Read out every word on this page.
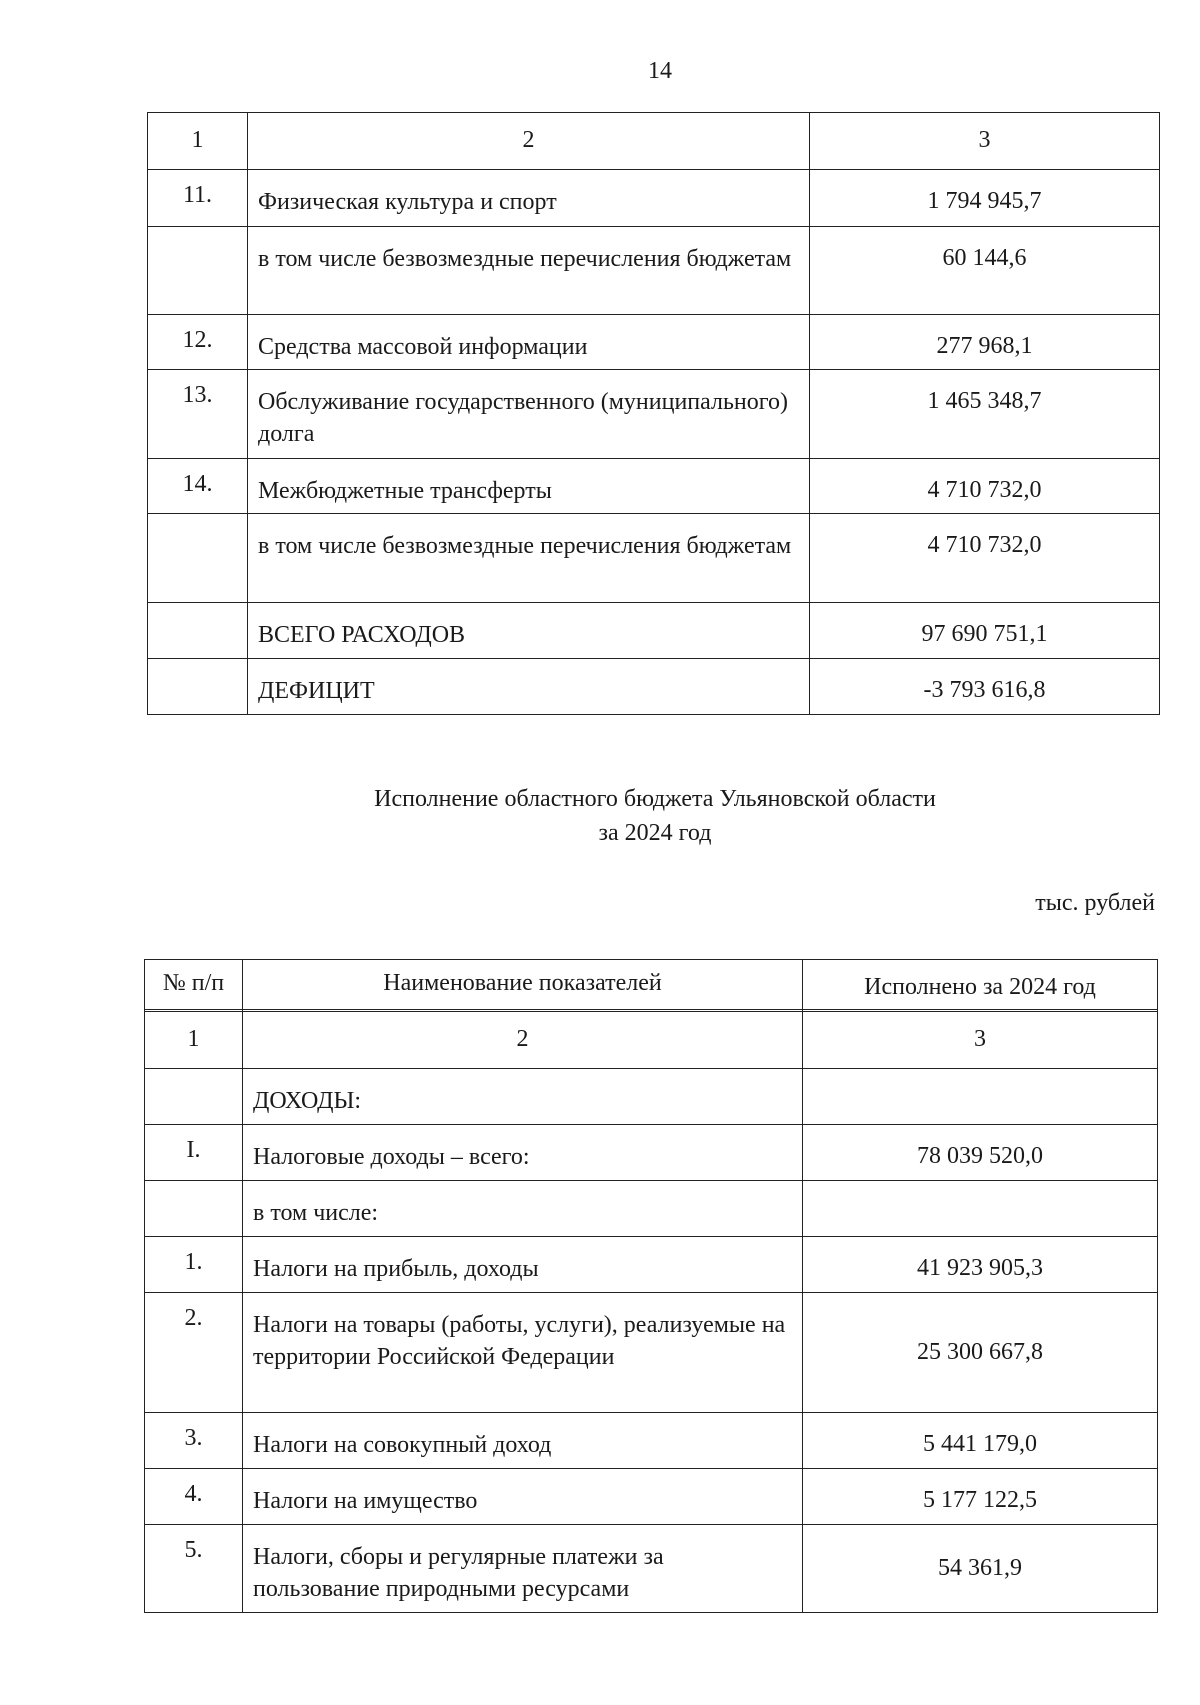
14
1	2	3
11.	Физическая культура и спорт	1 794 945,7
	в том числе безвозмездные перечисления бюджетам	60 144,6
12.	Средства массовой информации	277 968,1
13.	Обслуживание государственного (муниципального) долга	1 465 348,7
14.	Межбюджетные трансферты	4 710 732,0
	в том числе безвозмездные перечисления бюджетам	4 710 732,0
	ВСЕГО РАСХОДОВ	97 690 751,1
	ДЕФИЦИТ	-3 793 616,8
Исполнение областного бюджета Ульяновской области
за 2024 год
тыс. рублей
№ п/п	Наименование показателей	Исполнено за 2024 год
1	2	3
	ДОХОДЫ:	
I.	Налоговые доходы – всего:	78 039 520,0
	в том числе:	
1.	Налоги на прибыль, доходы	41 923 905,3
2.	Налоги на товары (работы, услуги), реализуемые на территории Российской Федерации	25 300 667,8
3.	Налоги на совокупный доход	5 441 179,0
4.	Налоги на имущество	5 177 122,5
5.	Налоги, сборы и регулярные платежи за пользование природными ресурсами	54 361,9
